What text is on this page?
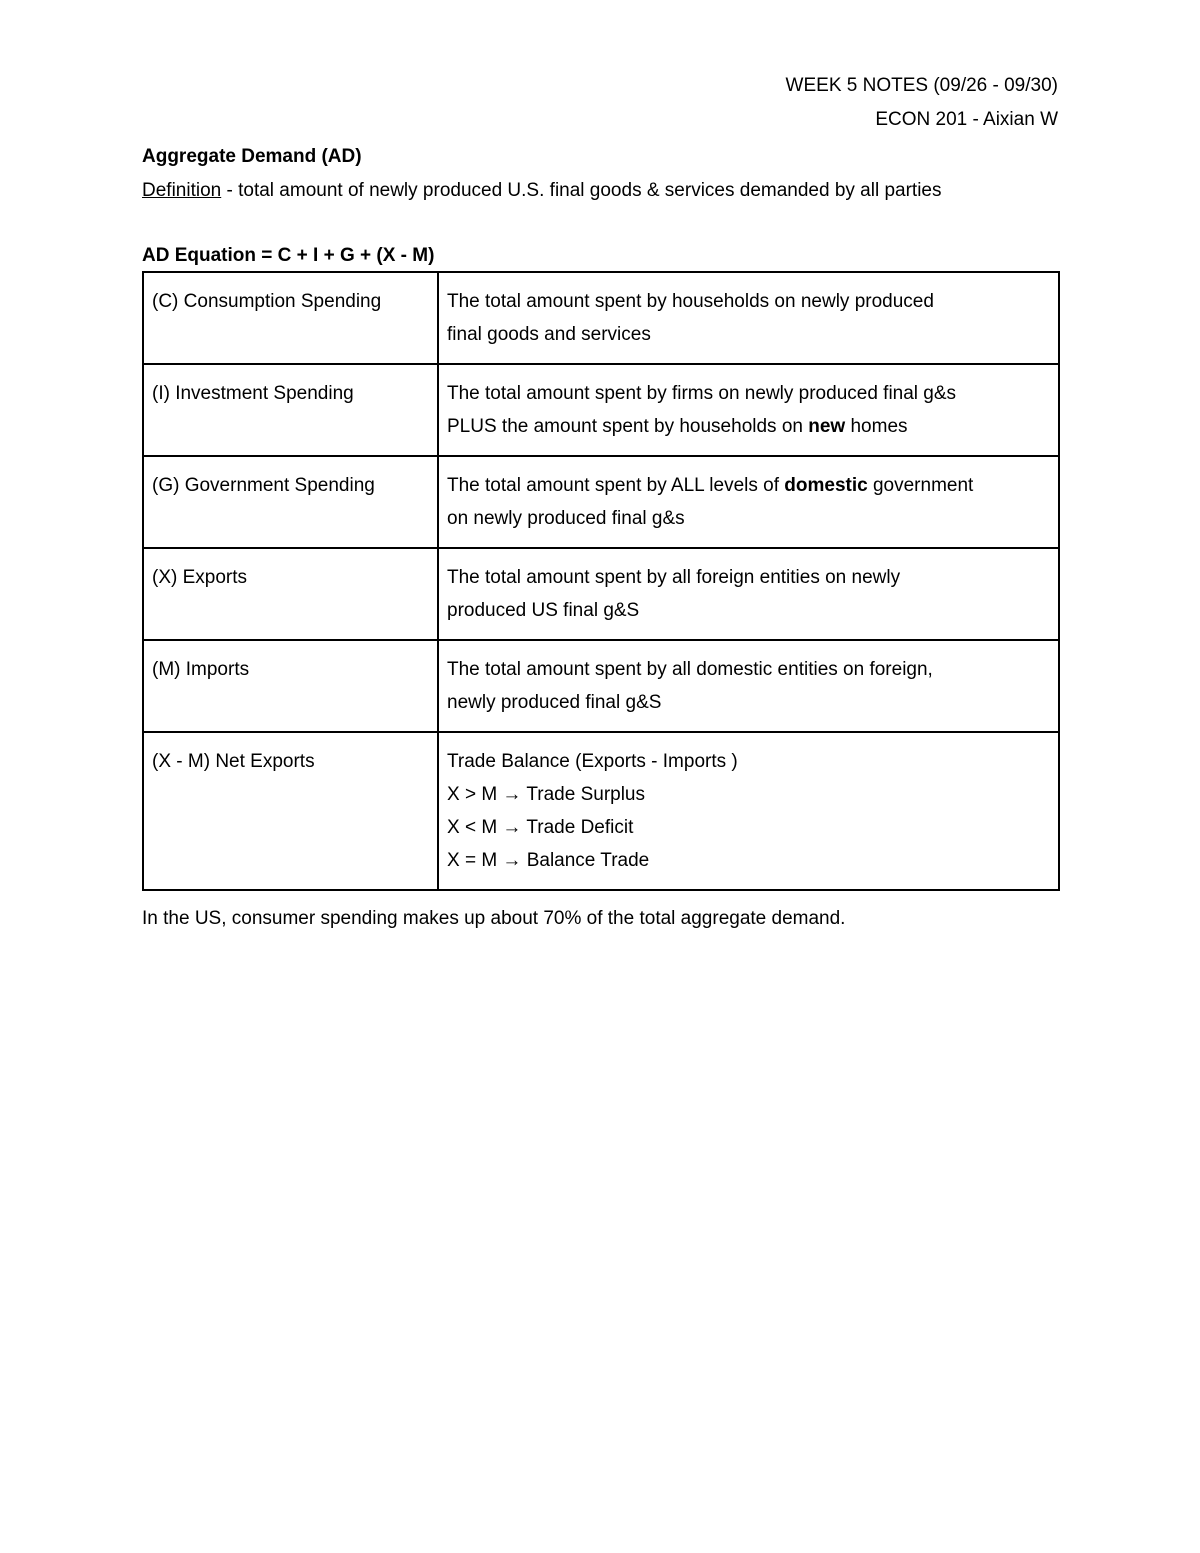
WEEK 5 NOTES (09/26 - 09/30)
ECON 201 - Aixian W
Aggregate Demand (AD)
Definition - total amount of newly produced U.S. final goods & services demanded by all parties
AD Equation = C + I + G + (X - M)
(C) Consumption Spending	The total amount spent by households on newly produced
final goods and services

(I) Investment Spending	The total amount spent by firms on newly produced final g&s
PLUS the amount spent by households on new homes

(G) Government Spending	The total amount spent by ALL levels of domestic government
on newly produced final g&s

(X) Exports	The total amount spent by all foreign entities on newly
produced US final g&S

(M) Imports	The total amount spent by all domestic entities on foreign,
newly produced final g&S

(X - M) Net Exports	Trade Balance (Exports - Imports )
X > M → Trade Surplus
X < M → Trade Deficit
X = M → Balance Trade
In the US, consumer spending makes up about 70% of the total aggregate demand.
